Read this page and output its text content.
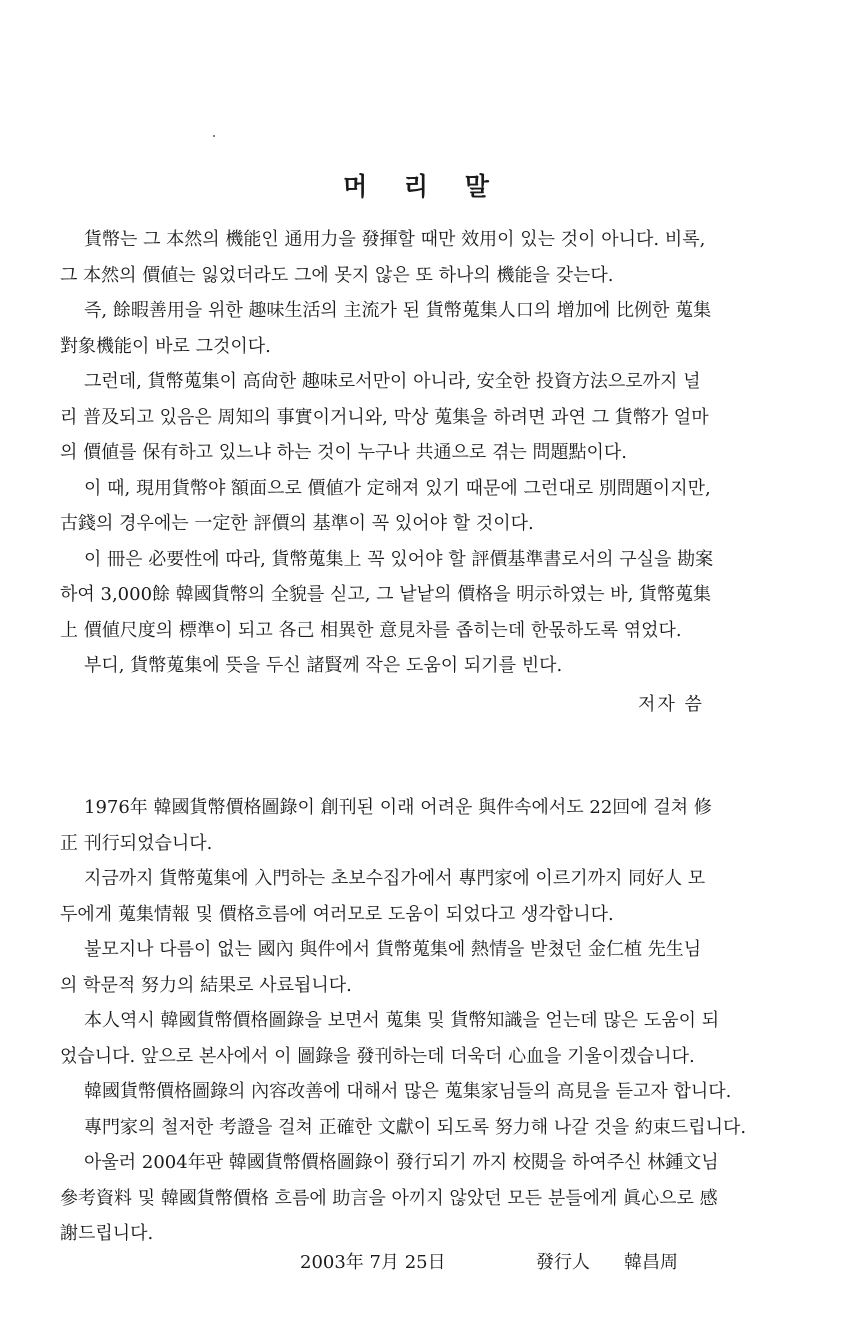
머 리 말

貨幣는 그 本然의 機能인 通用力을 發揮할 때만 效用이 있는 것이 아니다. 비록,
그 本然의 價値는 잃었더라도 그에 못지 않은 또 하나의 機能을 갖는다.

즉, 餘暇善用을 위한 趣味生活의 主流가 된 貨幣蒐集人口의 增加에 比例한 蒐集
對象機能이 바로 그것이다.

그런데, 貨幣蒐集이 高尙한 趣味로서만이 아니라, 安全한 投資方法으로까지 널
리 普及되고 있음은 周知의 事實이거니와, 막상 蒐集을 하려면 과연 그 貨幣가 얼마
의 價値를 保有하고 있느냐 하는 것이 누구나 共通으로 겪는 問題點이다.

이 때, 現用貨幣야 額面으로 價値가 定해져 있기 때문에 그런대로 別問題이지만,
古錢의 경우에는 一定한 評價의 基準이 꼭 있어야 할 것이다.

이 冊은 必要性에 따라, 貨幣蒐集上 꼭 있어야 할 評價基準書로서의 구실을 勘案
하여 3,000餘 韓國貨幣의 全貌를 싣고, 그 낱낱의 價格을 明示하였는 바, 貨幣蒐集
上 價値尺度의 標準이 되고 各己 相異한 意見차를 좁히는데 한몫하도록 엮었다.

부디, 貨幣蒐集에 뜻을 두신 諸賢께 작은 도움이 되기를 빈다.

저자 씀

1976年 韓國貨幣價格圖錄이 創刊된 이래 어려운 與件속에서도 22回에 걸쳐 修
正 刊行되었습니다.

지금까지 貨幣蒐集에 入門하는 초보수집가에서 專門家에 이르기까지 同好人 모
두에게 蒐集情報 및 價格흐름에 여러모로 도움이 되었다고 생각합니다.

불모지나 다름이 없는 國內 與件에서 貨幣蒐集에 熱情을 받쳤던 金仁植 先生님
의 학문적 努力의 結果로 사료됩니다.

本人역시 韓國貨幣價格圖錄을 보면서 蒐集 및 貨幣知識을 얻는데 많은 도움이 되
었습니다. 앞으로 본사에서 이 圖錄을 發刊하는데 더욱더 心血을 기울이겠습니다.

韓國貨幣價格圖錄의 內容改善에 대해서 많은 蒐集家님들의 高見을 듣고자 합니다.

專門家의 철저한 考證을 걸쳐 正確한 文獻이 되도록 努力해 나갈 것을 約束드립니다.

아울러 2004年판 韓國貨幣價格圖錄이 發行되기 까지 校閱을 하여주신 林鍾文님
參考資料 및 韓國貨幣價格 흐름에 助言을 아끼지 않았던 모든 분들에게 眞心으로 感
謝드립니다.

2003年 7月 25日	發行人 韓昌周
